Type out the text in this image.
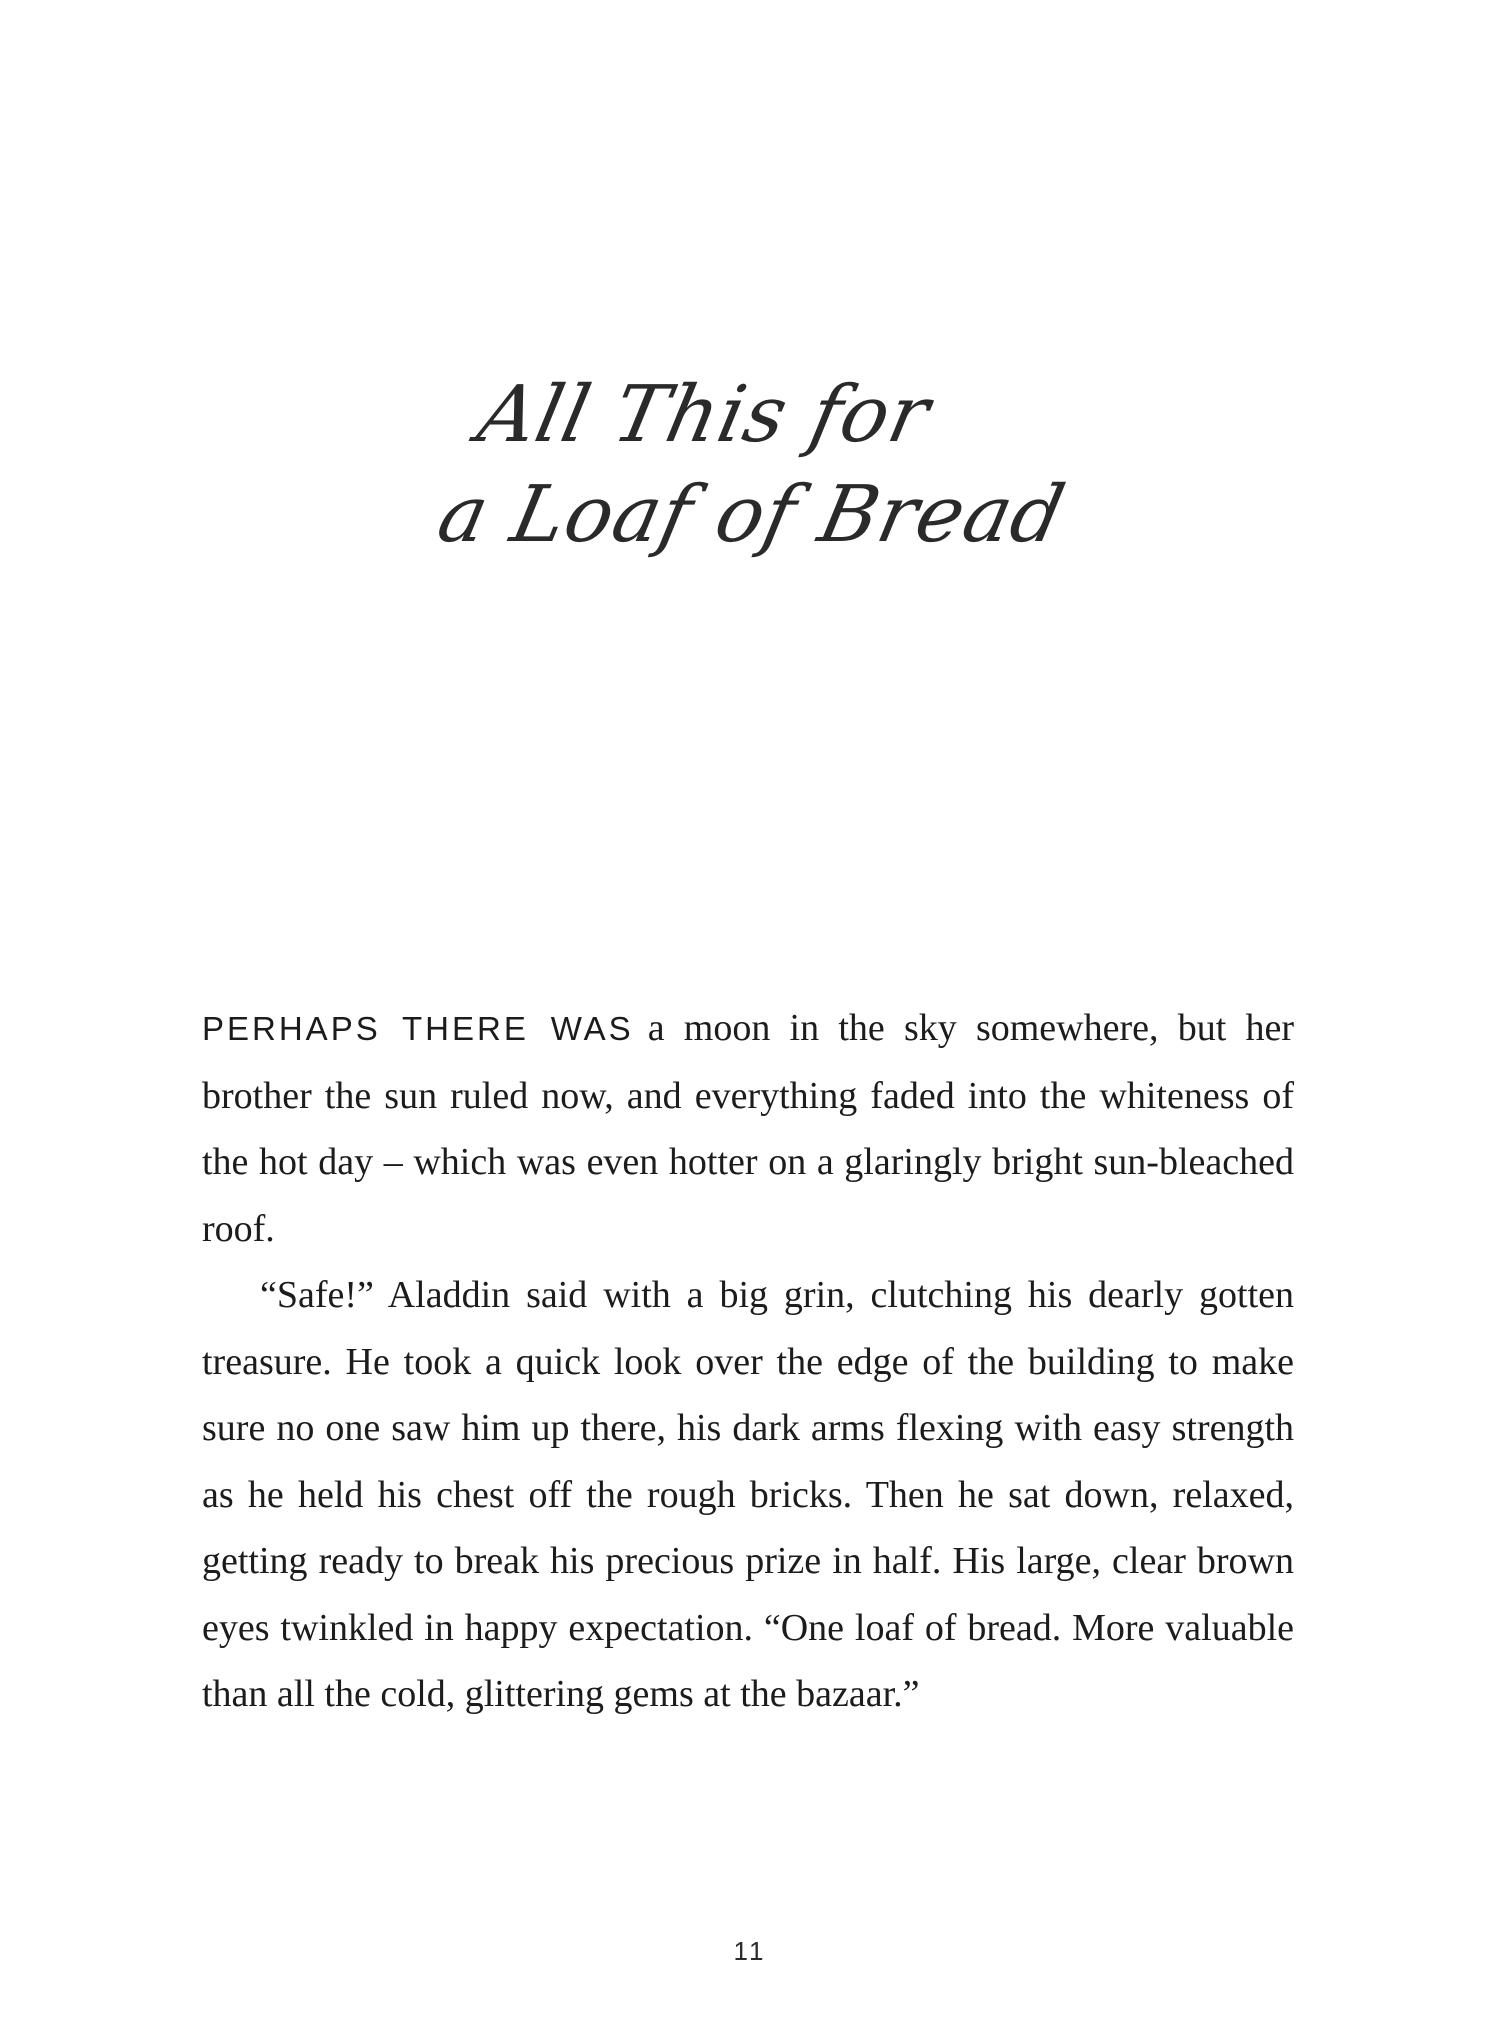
All This for
a Loaf of Bread

PERHAPS THERE WAS a moon in the sky somewhere, but her brother the sun ruled now, and everything faded into the whiteness of the hot day – which was even hotter on a glaringly bright sun-bleached roof.

“Safe!” Aladdin said with a big grin, clutching his dearly gotten treasure. He took a quick look over the edge of the building to make sure no one saw him up there, his dark arms flexing with easy strength as he held his chest off the rough bricks. Then he sat down, relaxed, getting ready to break his precious prize in half. His large, clear brown eyes twinkled in happy expectation. “One loaf of bread. More valuable than all the cold, glittering gems at the bazaar.”

11
